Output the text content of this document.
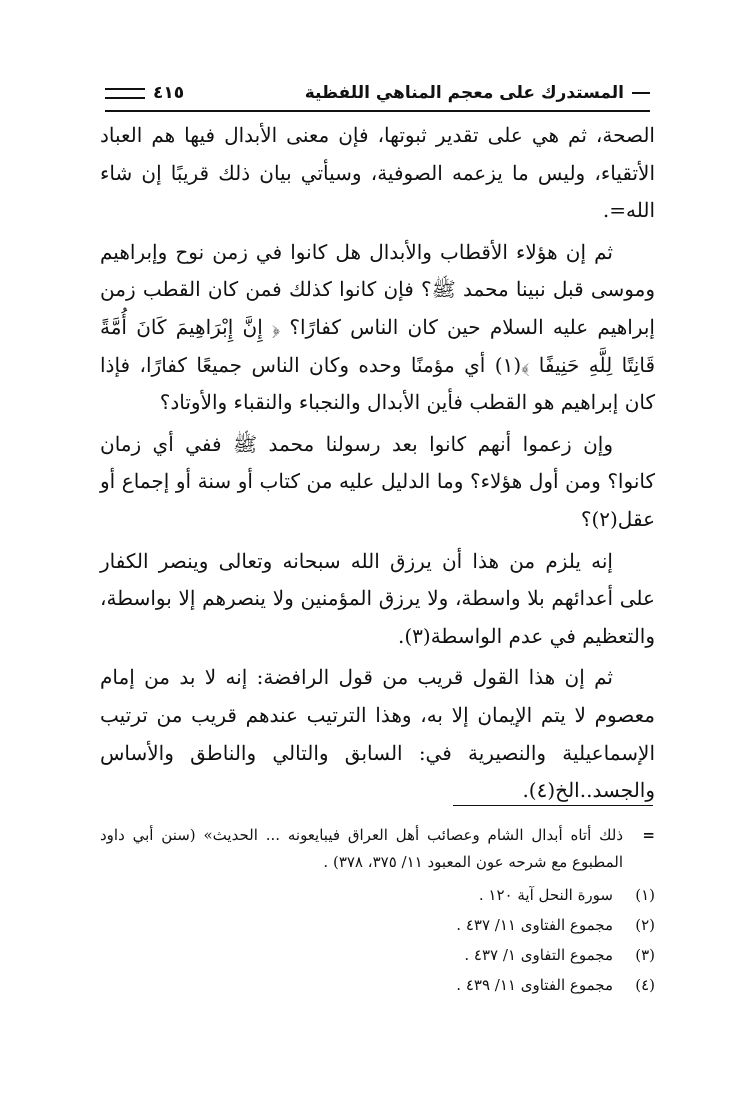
المستدرك على معجم المناهي اللفظية
٤١٥

الصحة، ثم هي على تقدير ثبوتها، فإن معنى الأبدال فيها هم العباد الأتقياء، وليس ما يزعمه الصوفية، وسيأتي بيان ذلك قريبًا إن شاء الله=.

ثم إن هؤلاء الأقطاب والأبدال هل كانوا في زمن نوح وإبراهيم وموسى قبل نبينا محمد ﷺ؟ فإن كانوا كذلك فمن كان القطب زمن إبراهيم عليه السلام حين كان الناس كفارًا؟ ﴿ إِنَّ إِبْرَاهِيمَ كَانَ أُمَّةً قَانِتًا لِلَّهِ حَنِيفًا ﴾(١) أي مؤمنًا وحده وكان الناس جميعًا كفارًا، فإذا كان إبراهيم هو القطب فأين الأبدال والنجباء والنقباء والأوتاد؟

وإن زعموا أنهم كانوا بعد رسولنا محمد ﷺ ففي أي زمان كانوا؟ ومن أول هؤلاء؟ وما الدليل عليه من كتاب أو سنة أو إجماع أو عقل(٢)؟

إنه يلزم من هذا أن يرزق الله سبحانه وتعالى وينصر الكفار على أعدائهم بلا واسطة، ولا يرزق المؤمنين ولا ينصرهم إلا بواسطة، والتعظيم في عدم الواسطة(٣).

ثم إن هذا القول قريب من قول الرافضة: إنه لا بد من إمام معصوم لا يتم الإيمان إلا به، وهذا الترتيب عندهم قريب من ترتيب الإسماعيلية والنصيرية في: السابق والتالي والناطق والأساس والجسد..الخ(٤).

=
ذلك أتاه أبدال الشام وعصائب أهل العراق فيبايعونه ... الحديث» (سنن أبي داود المطبوع مع شرحه عون المعبود ١١/ ٣٧٥، ٣٧٨) .
(١)
سورة النحل آية ١٢٠ .
(٢)
مجموع الفتاوى ١١/ ٤٣٧ .
(٣)
مجموع التفاوى ١/ ٤٣٧ .
(٤)
مجموع الفتاوى ١١/ ٤٣٩ .
